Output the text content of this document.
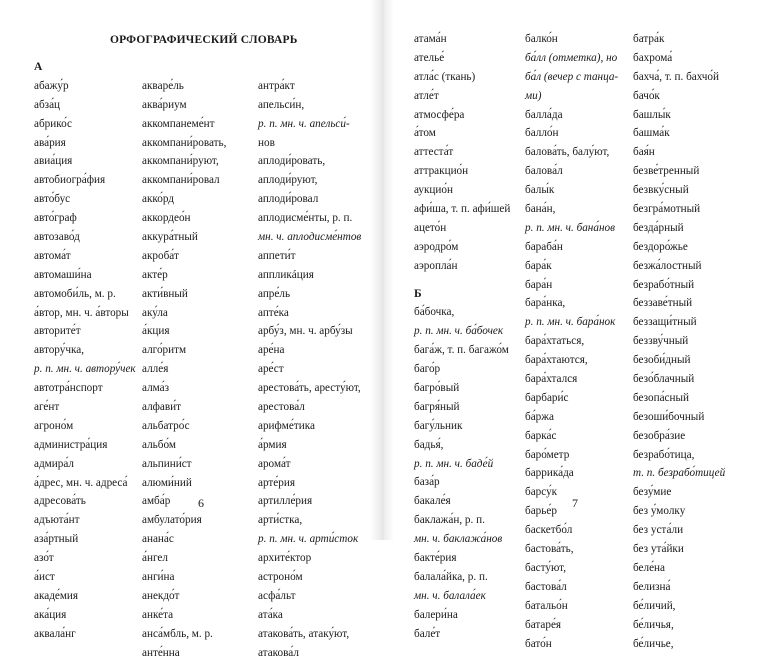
ОРФОГРАФИЧЕСКИЙ СЛОВАРЬ
А
абажу́р
абза́ц
абрико́с
ава́рия
авиа́ция
автобиогра́фия
авто́бус
авто́граф
автозаво́д
автома́т
автомаши́на
автомоби́ль, м. р.
а́втор, мн. ч. а́вторы
авторите́т
автору́чка,
р. п. мн. ч. автору́чек
автотра́нспорт
аге́нт
агроно́м
администра́ция
адмира́л
а́дрес, мн. ч. адреса́
адресова́ть
адъюта́нт
аза́ртный
азо́т
а́ист
акаде́мия
ака́ция
аквала́нг
аквaре́ль
аква́риум
аккомпанеме́нт
аккомпани́ровать,
аккомпани́руют,
аккомпани́ровал
акко́рд
аккордео́н
аккура́тный
акроба́т
акте́р
акти́вный
аку́ла
а́кция
алго́ритм
алле́я
алма́з
алфави́т
альбатро́с
альбо́м
альпини́ст
алюми́ний
амба́р
амбулато́рия
анана́с
а́нгел
анги́на
анекдо́т
анке́та
анса́мбль, м. р.
анте́нна
антра́кт
апельси́н,
р. п. мн. ч. апельси́-
нов
аплоди́ровать,
аплоди́руют,
аплоди́ровал
аплодисме́нты, р. п.
мн. ч. аплодисме́нтов
аппети́т
аппликáция
апре́ль
апте́ка
арбу́з, мн. ч. арбу́зы
аре́на
аре́ст
арестова́ть, аресту́ют,
арестова́л
арифме́тика
а́рмия
арома́т
арте́рия
артилле́рия
арти́стка,
р. п. мн. ч. арти́сток
архите́ктор
астроно́м
асфа́льт
ата́ка
атакова́ть, атаку́ют,
атакова́л
6
атама́н
ателье́
атла́с (ткань)
атле́т
атмосфе́ра
а́том
аттеста́т
аттракцио́н
аукцио́н
афи́ша, т. п. афи́шей
ацето́н
аэродро́м
аэропла́н
Б
ба́бочка,
р. п. мн. ч. ба́бочек
бага́ж, т. п. багажо́м
баго́р
багро́вый
багря́ный
багу́льник
бадья́,
р. п. мн. ч. баде́й
база́р
бакале́я
баклaжа́н, р. п.
мн. ч. баклaжа́нов
бакте́рия
балала́йка, р. п.
мн. ч. балала́ек
балери́на
бале́т
балко́н
ба́лл (отметка), но
ба́л (вечер с танца-
ми)
балла́да
балло́н
балова́ть, балу́ют,
балова́л
балы́к
бана́н,
р. п. мн. ч. бана́нов
бараба́н
бара́к
бара́н
бара́нка,
р. п. мн. ч. бара́нок
бара́хтаться,
бара́хтаются,
бара́хтался
барбари́с
ба́ржа
барка́с
баро́метр
баррика́да
барсу́к
барье́р
баскетбо́л
бастова́ть,
басту́ют,
бастова́л
батальо́н
батаре́я
бато́н
батра́к
бахрома́
бахча́, т. п. бахчо́й
бачо́к
башлы́к
башма́к
бая́н
безве́тренный
безвку́сный
безгра́мотный
безда́рный
бездоро́жье
безжа́лостный
безрабо́тный
беззаве́тный
беззащи́тный
беззву́чный
безоби́дный
безо́блачный
безопа́сный
безоши́бочный
безобра́зие
безрабо́тица,
т. п. безрабо́тицей
безу́мие
без у́молку
без уста́ли
без ута́йки
беле́на
белизна́
бе́личий,
бе́личья,
бе́личье,
7
